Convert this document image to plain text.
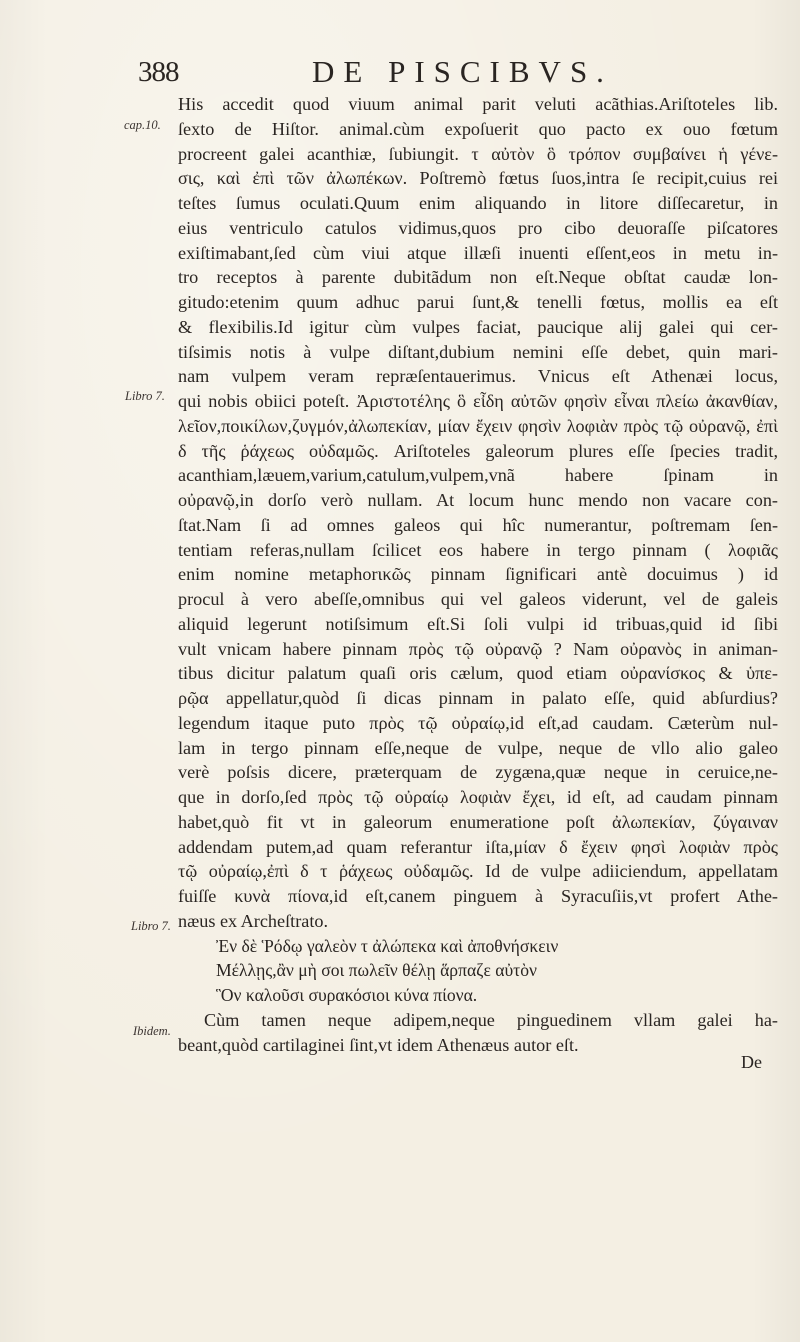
388	DE PISCIBVS.
cap.10.
Libro 7.
Libro 7.
Ibidem.
His accedit quod viuum animal parit veluti acãthias.Ariſtoteles lib.
ſexto de Hiſtor. animal.cùm expoſuerit quo pacto ex ouo fœtum
procreent galei acanthiæ, ſubiungit. τ αὐτὸν ὃ τρόπον συμβαίνει ἡ γένε-
σις, καὶ ἐπὶ τῶν ἀλωπέκων. Poſtremò fœtus ſuos,intra ſe recipit,cuius rei
teſtes ſumus oculati.Quum enim aliquando in litore diſſecaretur, in
eius ventriculo catulos vidimus,quos pro cibo deuoraſſe piſcatores
exiſtimabant,ſed cùm viui atque illæſi inuenti eſſent,eos in metu in-
tro receptos à parente dubitãdum non eſt.Neque obſtat caudæ lon-
gitudo:etenim quum adhuc parui ſunt,& tenelli fœtus, mollis ea eſt
& flexibilis.Id igitur cùm vulpes faciat, paucique alij galei qui cer-
tiſsimis notis à vulpe diſtant,dubium nemini eſſe debet, quin mari-
nam vulpem veram repræſentauerimus. Vnicus eſt Athenæi locus,
qui nobis obiici poteſt. Ἀριστοτέλης ὃ εἶδη αὐτῶν φησὶν εἶναι πλείω ἀκανθίαν,
λεῖον,ποικίλων,ζυγμόν,ἀλωπεκίαν, μίαν ἔχειν φησὶν λοφιὰν πρὸς τῷ οὐρανῷ, ἐπὶ
δ τῆς ῥάχεως οὐδαμῶς. Ariſtoteles galeorum plures eſſe ſpecies tradit,
acanthiam,læuem,varium,catulum,vulpem,vnã habere ſpinam in
οὐρανῷ,in dorſo verò nullam. At locum hunc mendo non vacare con-
ſtat.Nam ſi ad omnes galeos qui hîc numerantur, poſtremam ſen-
tentiam referas,nullam ſcilicet eos habere in tergo pinnam ( λοφιᾶς
enim nomine metaphorικῶς pinnam ſignificari antè docuimus ) id
procul à vero abeſſe,omnibus qui vel galeos viderunt, vel de galeis
aliquid legerunt notiſsimum eſt.Si ſoli vulpi id tribuas,quid id ſibi
vult vnicam habere pinnam πρὸς τῷ οὐρανῷ ? Nam οὐρανὸς in animan-
tibus dicitur palatum quaſi oris cælum, quod etiam οὐρανίσκος & ὑπε-
ρῷα appellatur,quòd ſi dicas pinnam in palato eſſe, quid abſurdius?
legendum itaque puto πρὸς τῷ οὐραίῳ,id eſt,ad caudam. Cæterùm nul-
lam in tergo pinnam eſſe,neque de vulpe, neque de vllo alio galeo
verè poſsis dicere, præterquam de zygæna,quæ neque in ceruice,ne-
que in dorſo,ſed πρὸς τῷ οὐραίῳ λοφιὰν ἔχει, id eſt, ad caudam pinnam
habet,quò fit vt in galeorum enumeratione poſt ἀλωπεκίαν, ζύγαιναν
addendam putem,ad quam referantur iſta,μίαν δ ἔχειν φησὶ λοφιὰν πρὸς
τῷ οὐραίῳ,ἐπὶ δ τ ῥάχεως οὐδαμῶς. Id de vulpe adiiciendum, appellatam
fuiſſe κυνὰ πίονα,id eſt,canem pinguem à Syracuſiis,vt profert Athe-
næus ex Archeſtrato.
Ἐν δὲ Ῥόδῳ γαλεὸν τ ἀλώπεκα καὶ ἀποθνήσκειν
Μέλλῃς,ἂν μὴ σοι πωλεῖν θέλῃ ἅρπαζε αὐτὸν
Ὃν καλοῦσι συρακόσιοι κύνα πίονα.
Cùm tamen neque adipem,neque pinguedinem vllam galei ha-
beant,quòd cartilaginei ſint,vt idem Athenæus autor eſt.
De
